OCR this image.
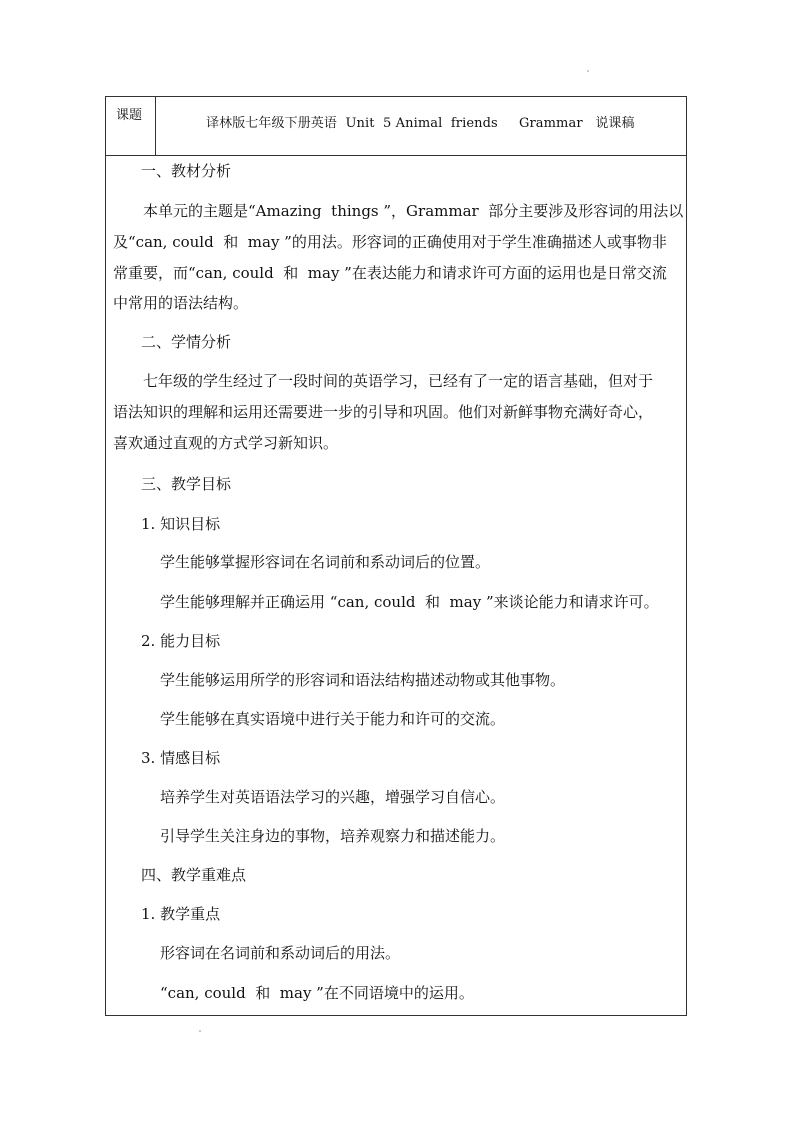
课题
译林版七年级下册英语  Unit  5 Animal  friends     Grammar   说课稿
一、教材分析
本单元的主题是“Amazing  things ”，Grammar  部分主要涉及形容词的用法以
及“can, could  和  may ”的用法。形容词的正确使用对于学生准确描述人或事物非
常重要，而“can, could  和  may ”在表达能力和请求许可方面的运用也是日常交流
中常用的语法结构。
二、学情分析
七年级的学生经过了一段时间的英语学习，已经有了一定的语言基础，但对于
语法知识的理解和运用还需要进一步的引导和巩固。他们对新鲜事物充满好奇心，
喜欢通过直观的方式学习新知识。
三、教学目标
1. 知识目标
学生能够掌握形容词在名词前和系动词后的位置。
学生能够理解并正确运用 “can, could  和  may ”来谈论能力和请求许可。
2. 能力目标
学生能够运用所学的形容词和语法结构描述动物或其他事物。
学生能够在真实语境中进行关于能力和许可的交流。
3. 情感目标
培养学生对英语语法学习的兴趣，增强学习自信心。
引导学生关注身边的事物，培养观察力和描述能力。
四、教学重难点
1. 教学重点
形容词在名词前和系动词后的用法。
“can, could  和  may ”在不同语境中的运用。
